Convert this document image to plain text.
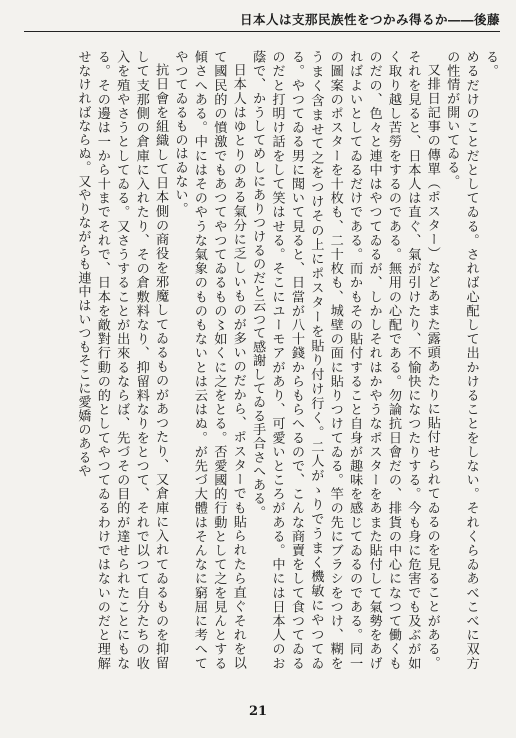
日本人は支那民族性をつかみ得るか――後藤

る。

めるだけのことだとしてゐる。されば心配して出かけることをしない。それくらゐあべこべに双方の性情が開いてゐる。

又排日記事の傳單（ポスター）などあまた露頭あたりに貼付せられてゐるのを見ることがある。それを見ると、日本人は直ぐ、氣が引けたり、不愉快になつたりする。今も身に危害でも及ぶが如く取り越し苦勞をするのである。無用の心配である。勿論抗日會だの、排貨の中心になつて働くものだの、色々と連中はやつてゐるが、しかしそれはかやうなポスターをあまた貼付して氣勢をあげればよいとしてゐるだけである。而かもその貼付すること自身が趣味を感じてゐるのである。同一の圖案のポスターを十枚も、二十枚も、城壁の面に貼りつけてゐる。竿の先にブラシをつけ、糊をうまく含ませて之をつけその上にポスターを貼り付け行く。二人がゝりでうまく機敏にやつてゐる。やつてゐる男に聞いて見ると、日當が八十錢からもらへるので、こんな商賣をして食つてゐるのだと打明け話をして笑はせる。そこにユーモアがあり、可愛いところがある。中には日本人のお蔭で、かうしてめしにありつけるのだと云つて感謝してゐる手合さへある。

日本人はゆとりのある氣分に乏しいものが多いのだから、ポスターでも貼られたら直ぐそれを以て國民的の憤激でもあつてやつてゐるもの〻如くに之をとる。否愛國的行動として之を見んとする傾さへある。中にはそのやうな氣象のものもないとは云はぬ。が先づ大體はそんなに窮屈に考へてやつてゐるものはゐない。

抗日會を組織して日本側の商役を邪魔してゐるものがあつたり、又倉庫に入れてゐるものを抑留して支那側の倉庫に入れたり、その倉敷料なり、抑留料なりをとつて、それで以つて自分たちの收入を殖やさうとしてゐる。又さうすることが出來るならば、先づその目的が達せられたことにもなる。その邊は一から十までそれで、日本を敵對行動の的としてやつてゐるわけではないのだと理解せなければならぬ。又やりながらも連中はいつもそこに愛嬌のあるや

21
